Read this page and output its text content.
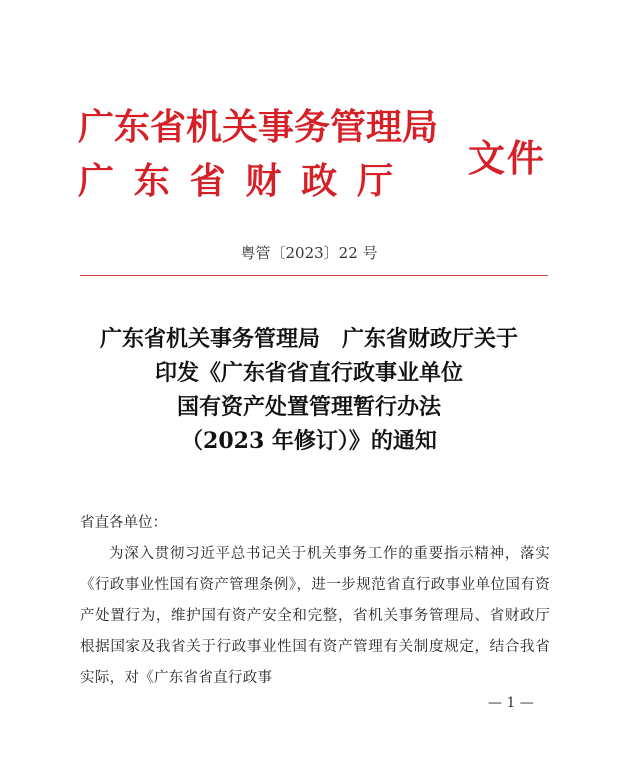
广东省机关事务管理局
广东省财政厅
文件
粤管〔2023〕22 号
广东省机关事务管理局　广东省财政厅关于
印发《广东省省直行政事业单位
国有资产处置管理暂行办法
（2023 年修订）》的通知
省直各单位：
为深入贯彻习近平总书记关于机关事务工作的重要指示精神，落实《行政事业性国有资产管理条例》，进一步规范省直行政事业单位国有资产处置行为，维护国有资产安全和完整，省机关事务管理局、省财政厅根据国家及我省关于行政事业性国有资产管理有关制度规定，结合我省实际，对《广东省省直行政事
— 1 —
